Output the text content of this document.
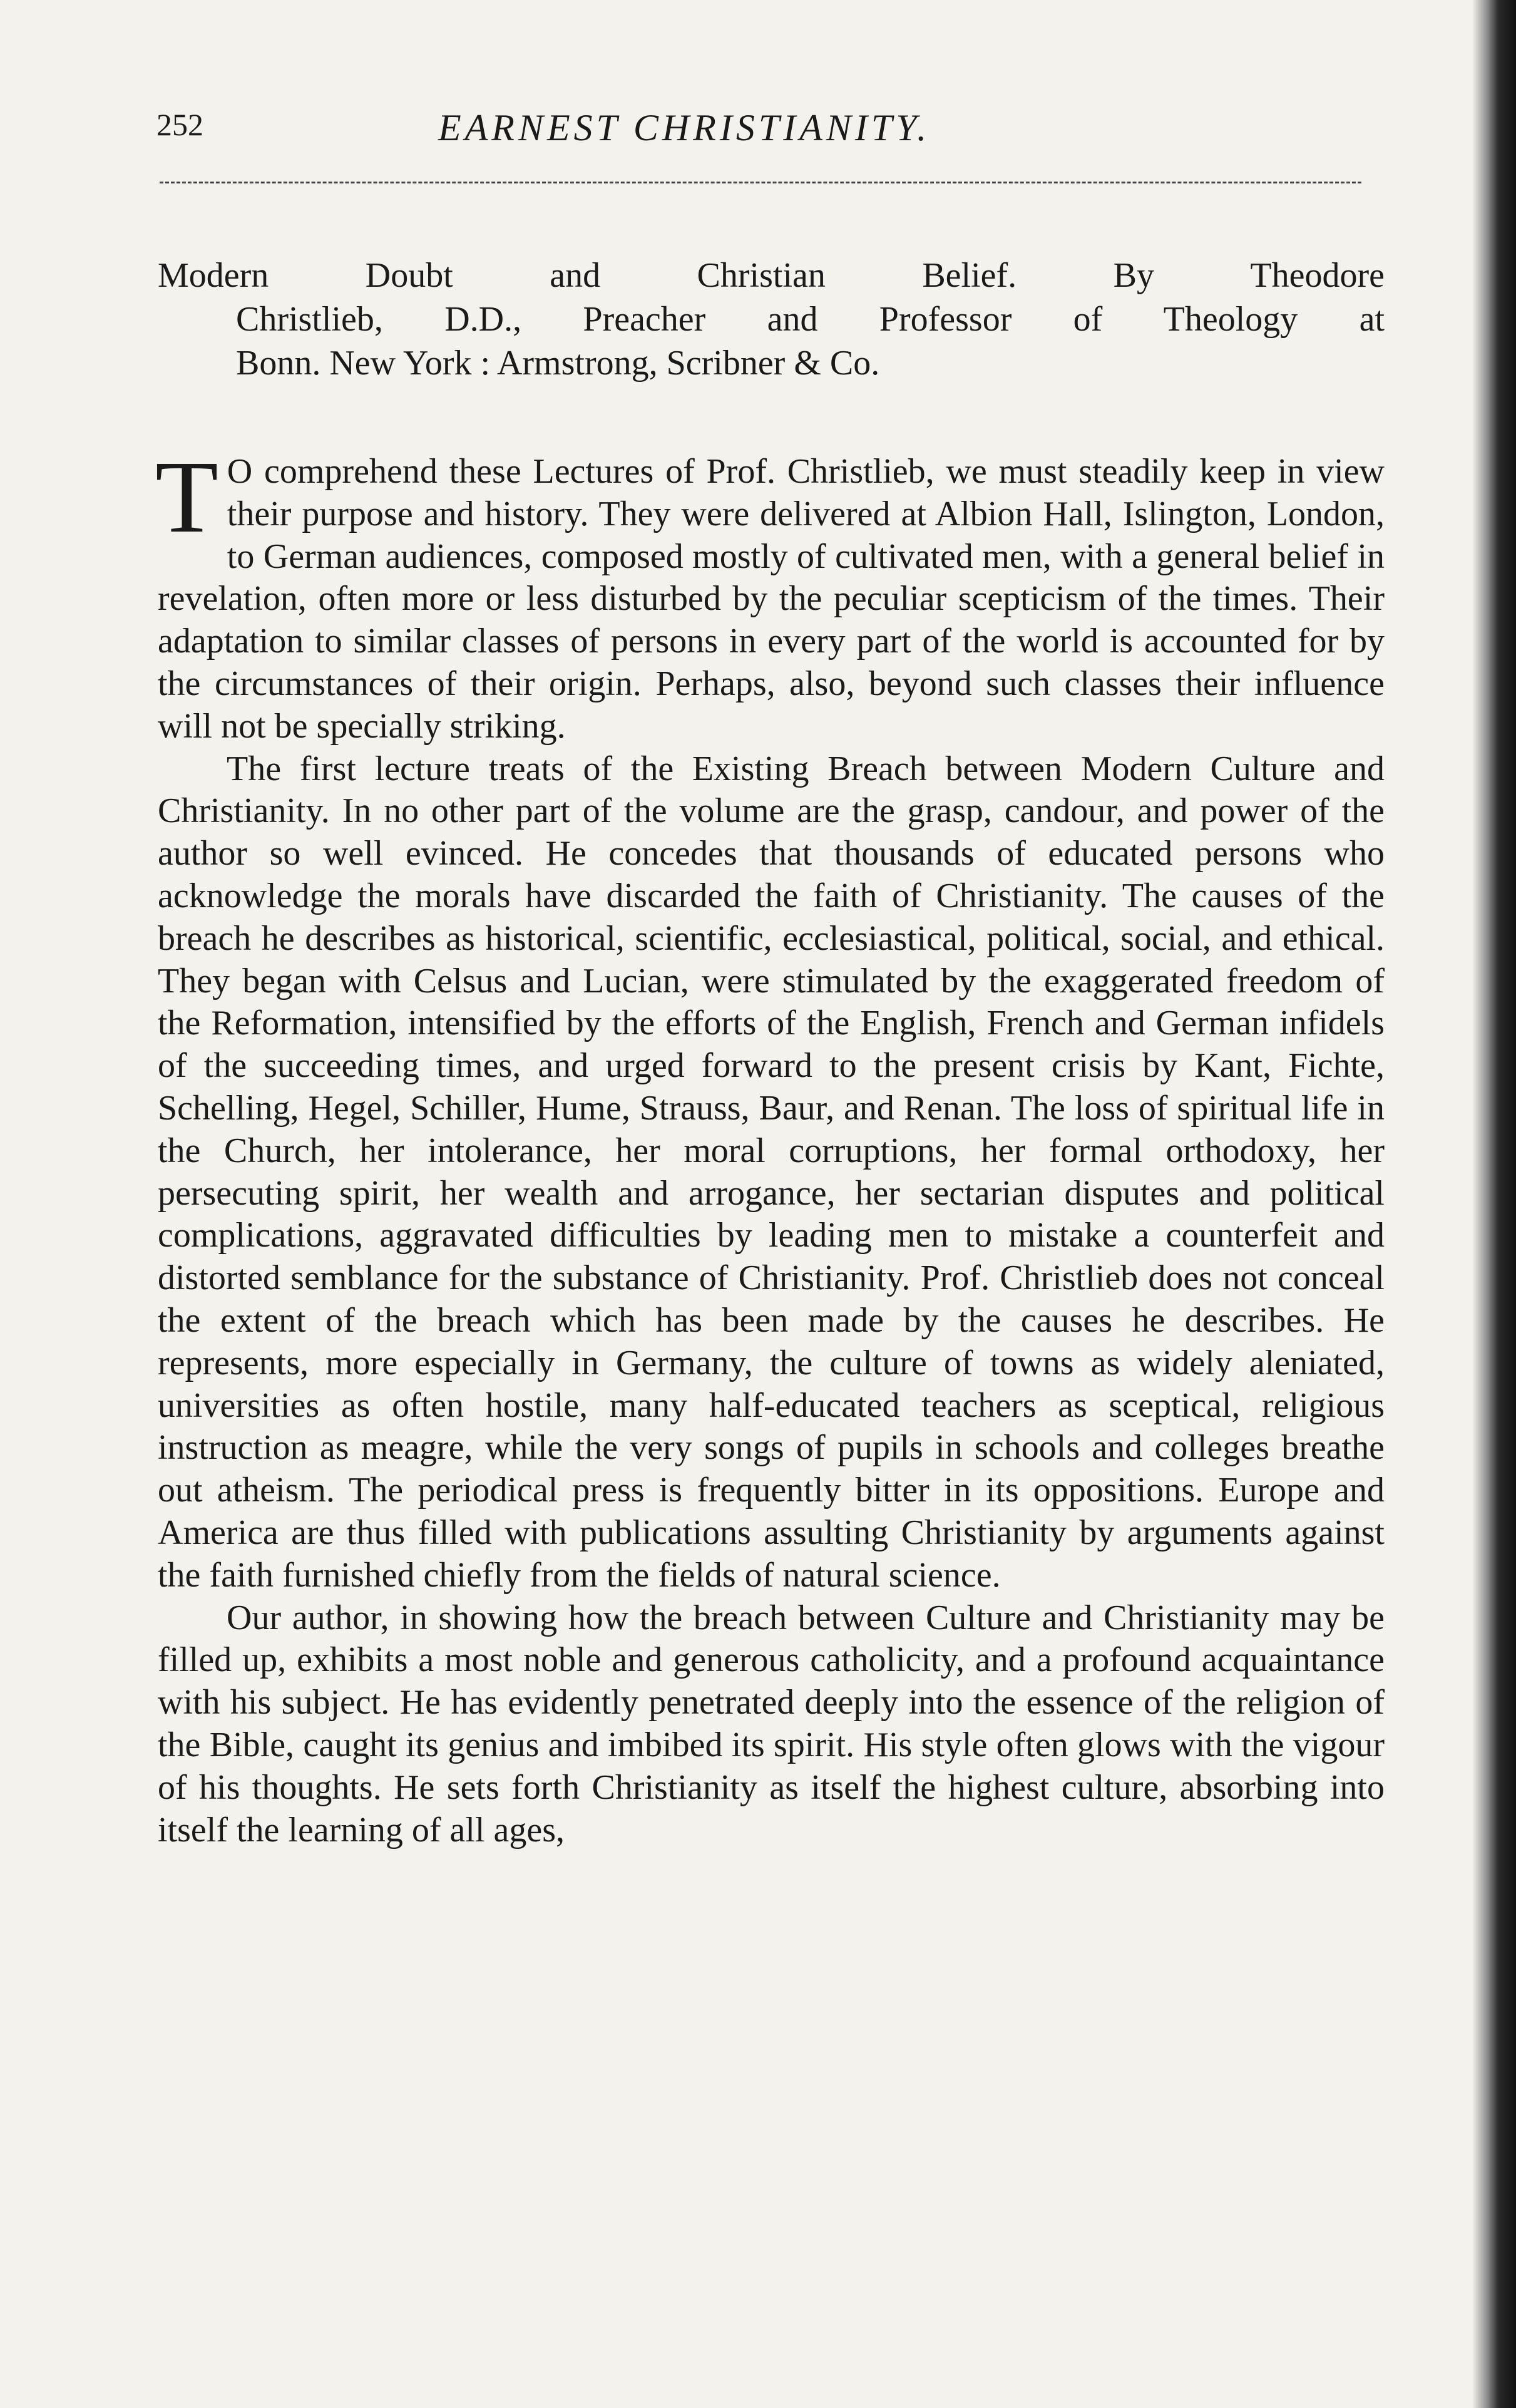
252	EARNEST CHRISTIANITY.
Modern Doubt and Christian Belief. By Theodore
Christlieb, D.D., Preacher and Professor of Theology at
Bonn. New York : Armstrong, Scribner & Co.

T O comprehend these Lectures of Prof. Christlieb, we must steadily keep in view their purpose and history. They were delivered at Albion Hall, Islington, London, to German audiences, composed mostly of cultivated men, with a general belief in revelation, often more or less disturbed by the peculiar scepticism of the times. Their adaptation to similar classes of persons in every part of the world is accounted for by the circumstances of their origin. Perhaps, also, beyond such classes their influence will not be specially striking.

The first lecture treats of the Existing Breach between Modern Culture and Christianity. In no other part of the volume are the grasp, candour, and power of the author so well evinced. He concedes that thousands of educated persons who acknowledge the morals have discarded the faith of Christianity. The causes of the breach he describes as historical, scientific, ecclesiastical, political, social, and ethical. They began with Celsus and Lucian, were stimulated by the exaggerated freedom of the Reformation, intensified by the efforts of the English, French and German infidels of the succeeding times, and urged forward to the present crisis by Kant, Fichte, Schelling, Hegel, Schiller, Hume, Strauss, Baur, and Renan. The loss of spiritual life in the Church, her intolerance, her moral corruptions, her formal orthodoxy, her persecuting spirit, her wealth and arrogance, her sectarian disputes and political complications, aggravated difficulties by leading men to mistake a counterfeit and distorted semblance for the substance of Christianity. Prof. Christlieb does not conceal the extent of the breach which has been made by the causes he describes. He represents, more especially in Germany, the culture of towns as widely aleniated, universities as often hostile, many half-educated teachers as sceptical, religious instruction as meagre, while the very songs of pupils in schools and colleges breathe out atheism. The periodical press is frequently bitter in its oppositions. Europe and America are thus filled with publications assulting Christianity by arguments against the faith furnished chiefly from the fields of natural science.

Our author, in showing how the breach between Culture and Christianity may be filled up, exhibits a most noble and generous catholicity, and a profound acquaintance with his subject. He has evidently penetrated deeply into the essence of the religion of the Bible, caught its genius and imbibed its spirit. His style often glows with the vigour of his thoughts. He sets forth Christianity as itself the highest culture, absorbing into itself the learning of all ages,
